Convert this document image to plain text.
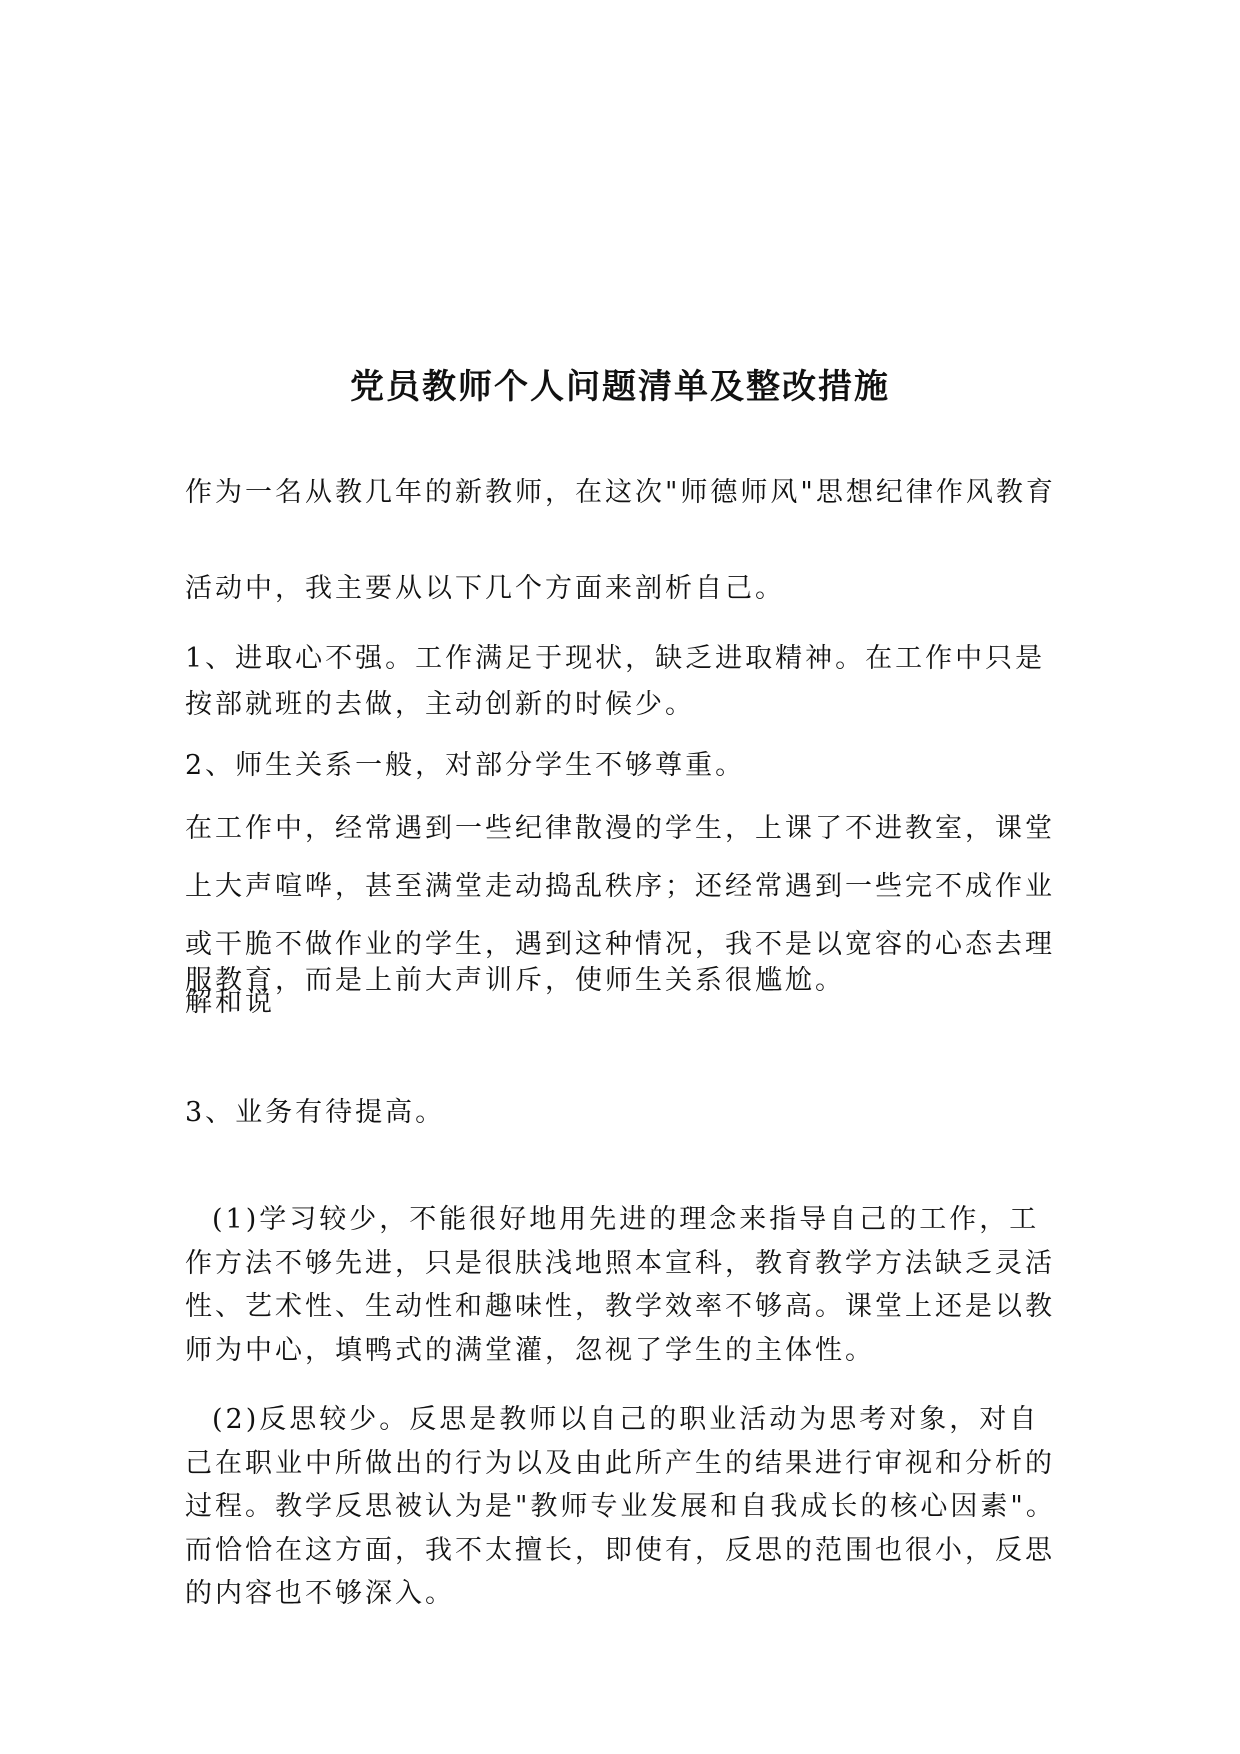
党员教师个人问题清单及整改措施

作为一名从教几年的新教师，在这次"师德师风"思想纪律作风教育活动中，我主要从以下几个方面来剖析自己。

1、进取心不强。工作满足于现状，缺乏进取精神。在工作中只是按部就班的去做，主动创新的时候少。

2、师生关系一般，对部分学生不够尊重。

在工作中，经常遇到一些纪律散漫的学生，上课了不进教室，课堂上大声喧哗，甚至满堂走动捣乱秩序；还经常遇到一些完不成作业或干脆不做作业的学生，遇到这种情况，我不是以宽容的心态去理解和说

服教育，而是上前大声训斥，使师生关系很尴尬。

3、业务有待提高。

(1)学习较少，不能很好地用先进的理念来指导自己的工作，工作方法不够先进，只是很肤浅地照本宣科，教育教学方法缺乏灵活性、艺术性、生动性和趣味性，教学效率不够高。课堂上还是以教师为中心，填鸭式的满堂灌，忽视了学生的主体性。

(2)反思较少。反思是教师以自己的职业活动为思考对象，对自己在职业中所做出的行为以及由此所产生的结果进行审视和分析的过程。教学反思被认为是"教师专业发展和自我成长的核心因素"。而恰恰在这方面，我不太擅长，即使有，反思的范围也很小，反思的内容也不够深入。
